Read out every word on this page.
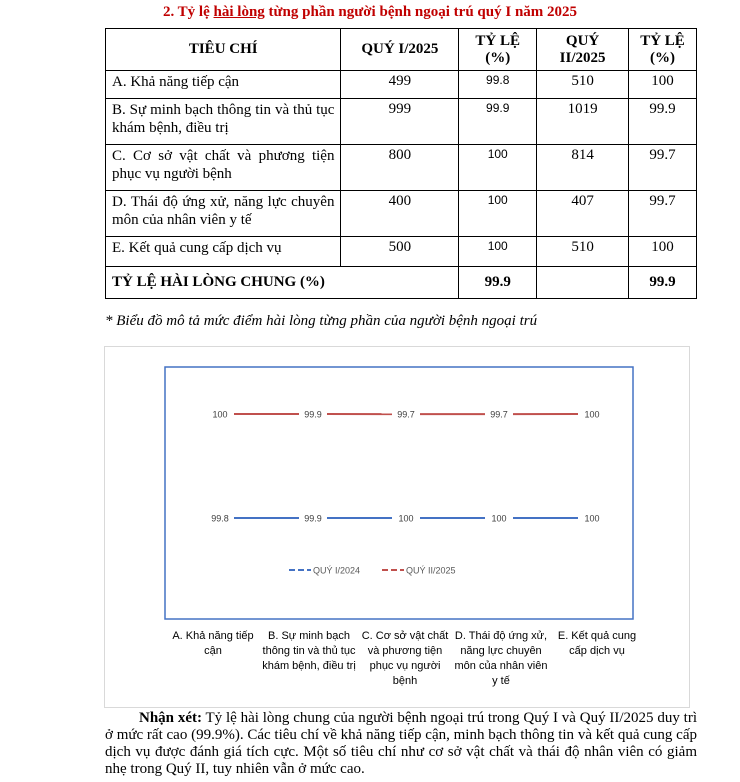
2. Tỷ lệ hài lòng từng phần người bệnh ngoại trú quý I năm 2025
TIÊU CHÍ	QUÝ I/2025	TỶ LỆ (%)	QUÝ II/2025	TỶ LỆ (%)
A. Khả năng tiếp cận	499	99.8	510	100
B. Sự minh bạch thông tin và thủ tục khám bệnh, điều trị	999	99.9	1019	99.9
C. Cơ sở vật chất và phương tiện phục vụ người bệnh	800	100	814	99.7
D. Thái độ ứng xử, năng lực chuyên môn của nhân viên y tế	400	100	407	99.7
E. Kết quả cung cấp dịch vụ	500	100	510	100
TỶ LỆ HÀI LÒNG CHUNG (%)		99.9		99.9
* Biểu đồ mô tả mức điểm hài lòng từng phần của người bệnh ngoại trú
99.8	99.9	100	100	100
100	99.9	99.7	99.7	100
QUÝ I/2024	QUÝ II/2025
A. Khả năng tiếp cận
B. Sự minh bạch thông tin và thủ tục khám bệnh, điều trị
C. Cơ sở vật chất và phương tiện phục vụ người bệnh
D. Thái độ ứng xử, năng lực chuyên môn của nhân viên y tế
E. Kết quả cung cấp dịch vụ
Nhận xét: Tỷ lệ hài lòng chung của người bệnh ngoại trú trong Quý I và Quý II/2025 duy trì ở mức rất cao (99.9%). Các tiêu chí về khả năng tiếp cận, minh bạch thông tin và kết quả cung cấp dịch vụ được đánh giá tích cực. Một số tiêu chí như cơ sở vật chất và thái độ nhân viên có giảm nhẹ trong Quý II, tuy nhiên vẫn ở mức cao.
